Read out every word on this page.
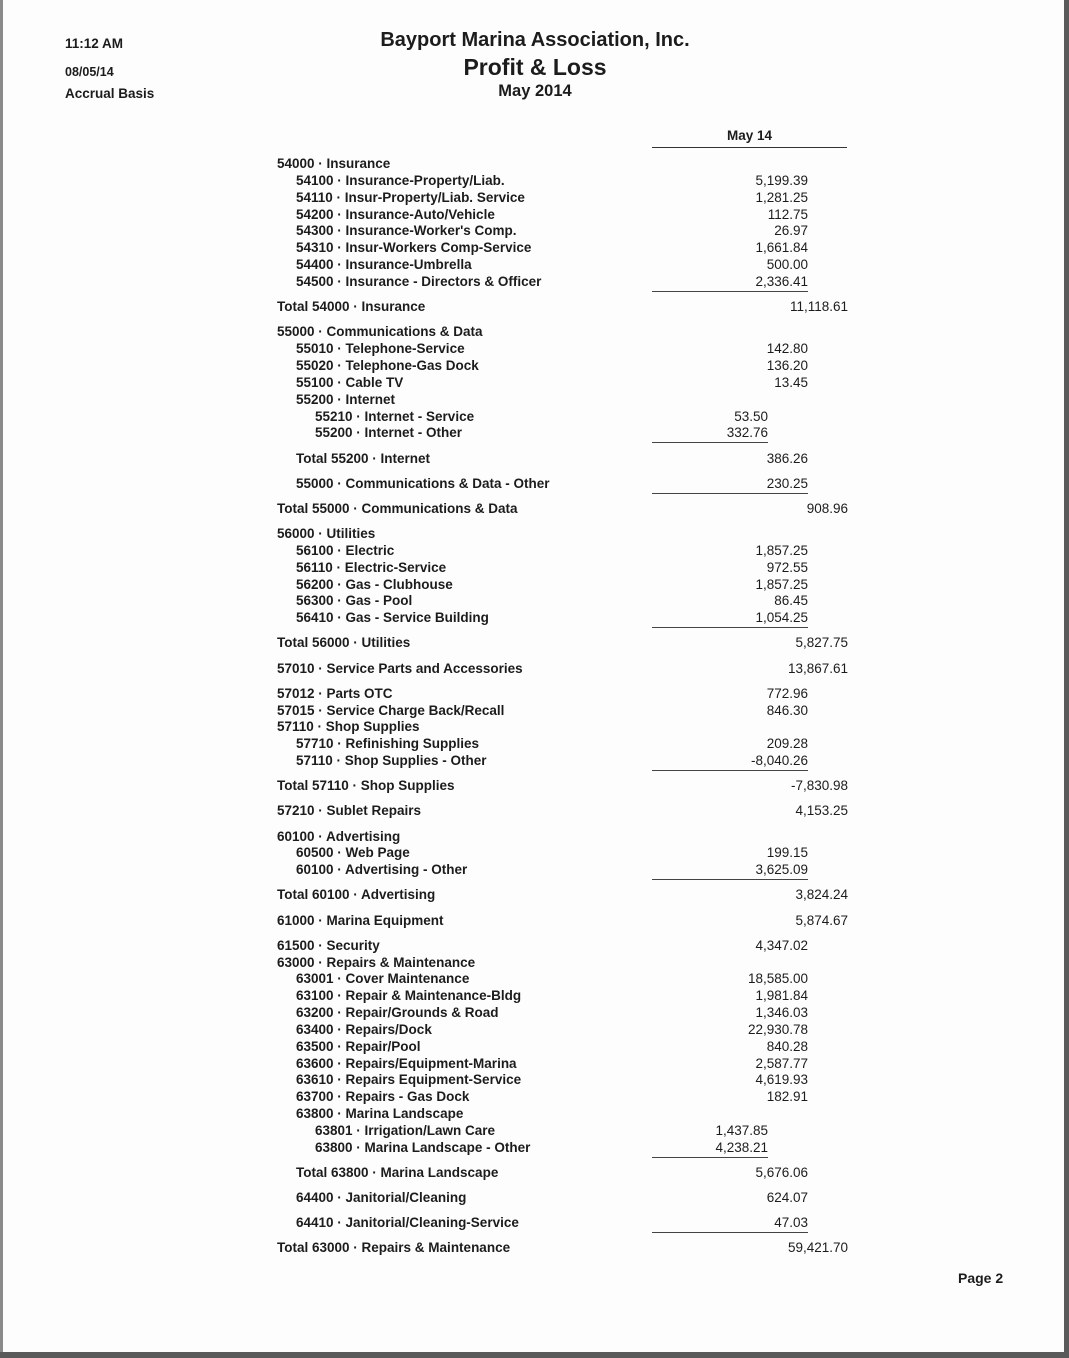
11:12 AM
08/05/14
Accrual Basis
Bayport Marina Association, Inc.
Profit & Loss
May 2014
May 14
54000 · Insurance
54100 · Insurance-Property/Liab.	5,199.39
54110 · Insur-Property/Liab. Service	1,281.25
54200 · Insurance-Auto/Vehicle	112.75
54300 · Insurance-Worker's Comp.	26.97
54310 · Insur-Workers Comp-Service	1,661.84
54400 · Insurance-Umbrella	500.00
54500 · Insurance - Directors & Officer	2,336.41
Total 54000 · Insurance	11,118.61
55000 · Communications & Data
55010 · Telephone-Service	142.80
55020 · Telephone-Gas Dock	136.20
55100 · Cable TV	13.45
55200 · Internet
55210 · Internet - Service	53.50
55200 · Internet - Other	332.76
Total 55200 · Internet	386.26
55000 · Communications & Data - Other	230.25
Total 55000 · Communications & Data	908.96
56000 · Utilities
56100 · Electric	1,857.25
56110 · Electric-Service	972.55
56200 · Gas - Clubhouse	1,857.25
56300 · Gas - Pool	86.45
56410 · Gas - Service Building	1,054.25
Total 56000 · Utilities	5,827.75
57010 · Service Parts and Accessories	13,867.61
57012 · Parts OTC	772.96
57015 · Service Charge Back/Recall	846.30
57110 · Shop Supplies
57710 · Refinishing Supplies	209.28
57110 · Shop Supplies - Other	-8,040.26
Total 57110 · Shop Supplies	-7,830.98
57210 · Sublet Repairs	4,153.25
60100 · Advertising
60500 · Web Page	199.15
60100 · Advertising - Other	3,625.09
Total 60100 · Advertising	3,824.24
61000 · Marina Equipment	5,874.67
61500 · Security	4,347.02
63000 · Repairs & Maintenance
63001 · Cover Maintenance	18,585.00
63100 · Repair & Maintenance-Bldg	1,981.84
63200 · Repair/Grounds & Road	1,346.03
63400 · Repairs/Dock	22,930.78
63500 · Repair/Pool	840.28
63600 · Repairs/Equipment-Marina	2,587.77
63610 · Repairs Equipment-Service	4,619.93
63700 · Repairs - Gas Dock	182.91
63800 · Marina Landscape
63801 · Irrigation/Lawn Care	1,437.85
63800 · Marina Landscape - Other	4,238.21
Total 63800 · Marina Landscape	5,676.06
64400 · Janitorial/Cleaning	624.07
64410 · Janitorial/Cleaning-Service	47.03
Total 63000 · Repairs & Maintenance	59,421.70
Page 2
